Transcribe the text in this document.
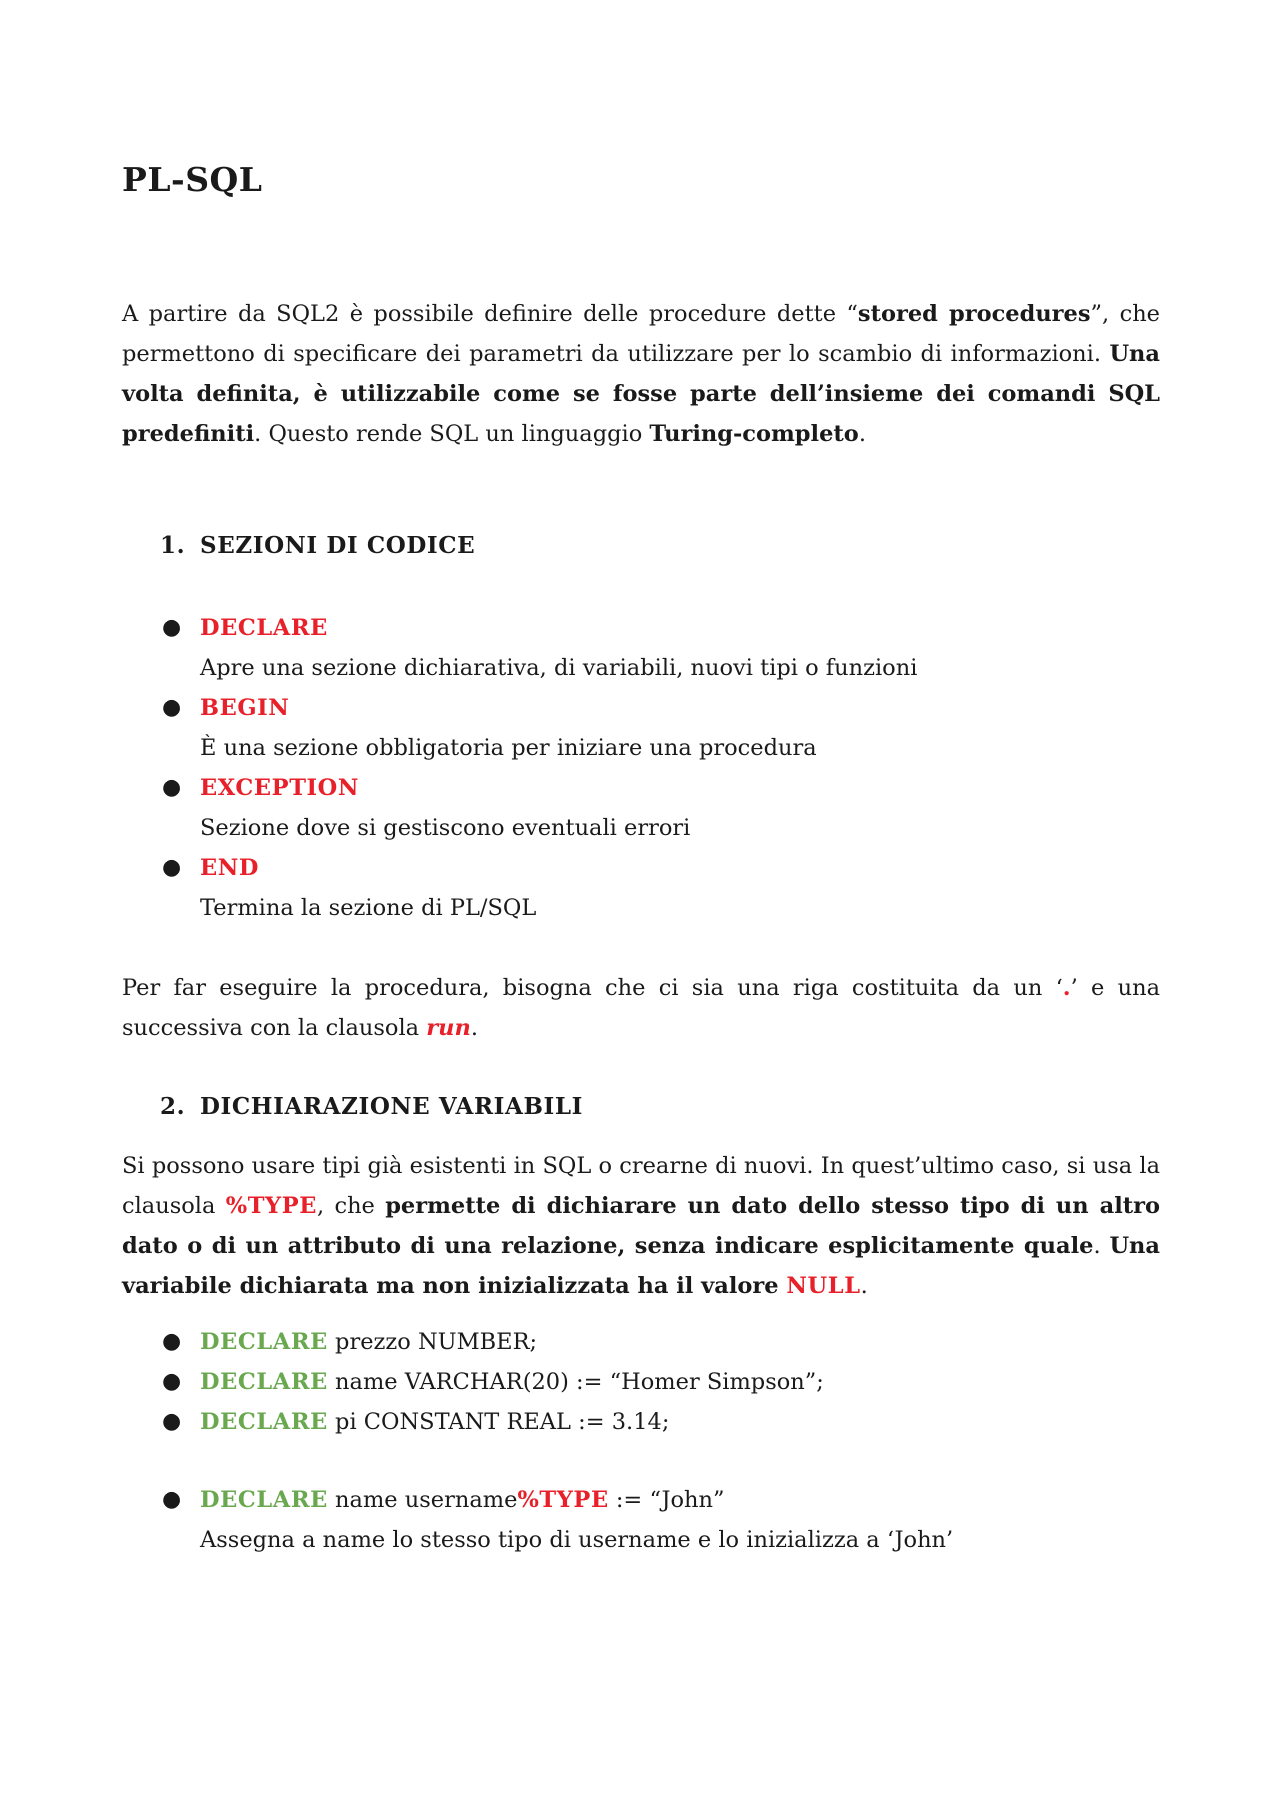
PL-SQL

A partire da SQL2 è possibile definire delle procedure dette “stored procedures”, che permettono di specificare dei parametri da utilizzare per lo scambio di informazioni. Una volta definita, è utilizzabile come se fosse parte dell’insieme dei comandi SQL predefiniti. Questo rende SQL un linguaggio Turing-completo.

1. SEZIONI DI CODICE
● DECLARE
Apre una sezione dichiarativa, di variabili, nuovi tipi o funzioni
● BEGIN
È una sezione obbligatoria per iniziare una procedura
● EXCEPTION
Sezione dove si gestiscono eventuali errori
● END
Termina la sezione di PL/SQL

Per far eseguire la procedura, bisogna che ci sia una riga costituita da un ‘.’ e una successiva con la clausola run.

2. DICHIARAZIONE VARIABILI

Si possono usare tipi già esistenti in SQL o crearne di nuovi. In quest’ultimo caso, si usa la clausola %TYPE, che permette di dichiarare un dato dello stesso tipo di un altro dato o di un attributo di una relazione, senza indicare esplicitamente quale. Una variabile dichiarata ma non inizializzata ha il valore NULL.

● DECLARE prezzo NUMBER;
● DECLARE name VARCHAR(20) := “Homer Simpson”;
● DECLARE pi CONSTANT REAL := 3.14;
● DECLARE name username%TYPE := “John”
Assegna a name lo stesso tipo di username e lo inizializza a ‘John’
